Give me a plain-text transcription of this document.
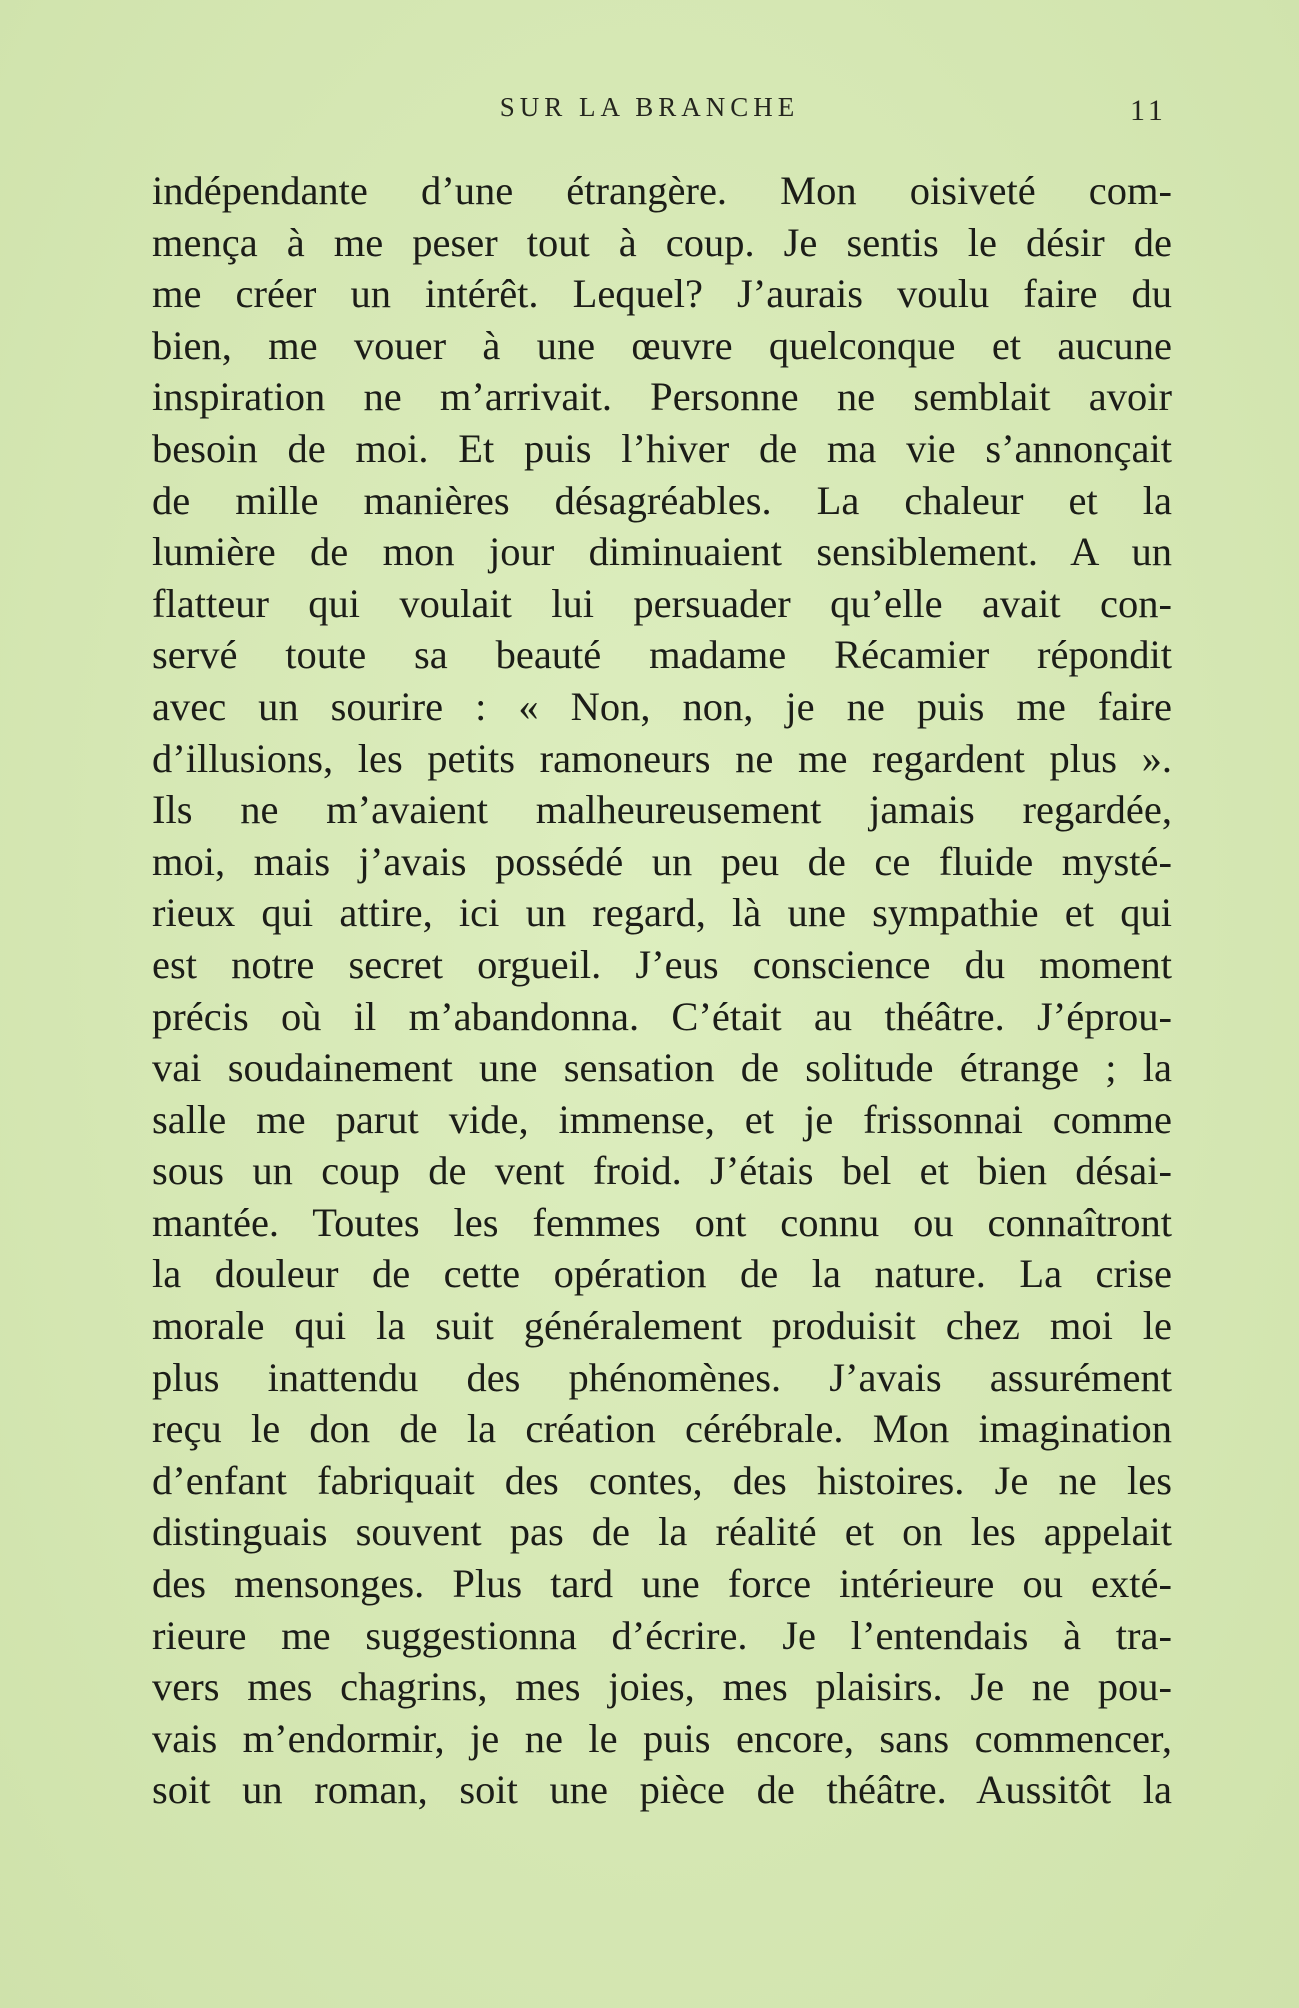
SUR LA BRANCHE	11
indépendante d’une étrangère. Mon oisiveté com-
mença à me peser tout à coup. Je sentis le désir de
me créer un intérêt. Lequel? J’aurais voulu faire du
bien, me vouer à une œuvre quelconque et aucune
inspiration ne m’arrivait. Personne ne semblait avoir
besoin de moi. Et puis l’hiver de ma vie s’annonçait
de mille manières désagréables. La chaleur et la
lumière de mon jour diminuaient sensiblement. A un
flatteur qui voulait lui persuader qu’elle avait con-
servé toute sa beauté madame Récamier répondit
avec un sourire : « Non, non, je ne puis me faire
d’illusions, les petits ramoneurs ne me regardent plus ».
Ils ne m’avaient malheureusement jamais regardée,
moi, mais j’avais possédé un peu de ce fluide mysté-
rieux qui attire, ici un regard, là une sympathie et qui
est notre secret orgueil. J’eus conscience du moment
précis où il m’abandonna. C’était au théâtre. J’éprou-
vai soudainement une sensation de solitude étrange ; la
salle me parut vide, immense, et je frissonnai comme
sous un coup de vent froid. J’étais bel et bien désai-
mantée. Toutes les femmes ont connu ou connaîtront
la douleur de cette opération de la nature. La crise
morale qui la suit généralement produisit chez moi le
plus inattendu des phénomènes. J’avais assurément
reçu le don de la création cérébrale. Mon imagination
d’enfant fabriquait des contes, des histoires. Je ne les
distinguais souvent pas de la réalité et on les appelait
des mensonges. Plus tard une force intérieure ou exté-
rieure me suggestionna d’écrire. Je l’entendais à tra-
vers mes chagrins, mes joies, mes plaisirs. Je ne pou-
vais m’endormir, je ne le puis encore, sans commencer,
soit un roman, soit une pièce de théâtre. Aussitôt la
